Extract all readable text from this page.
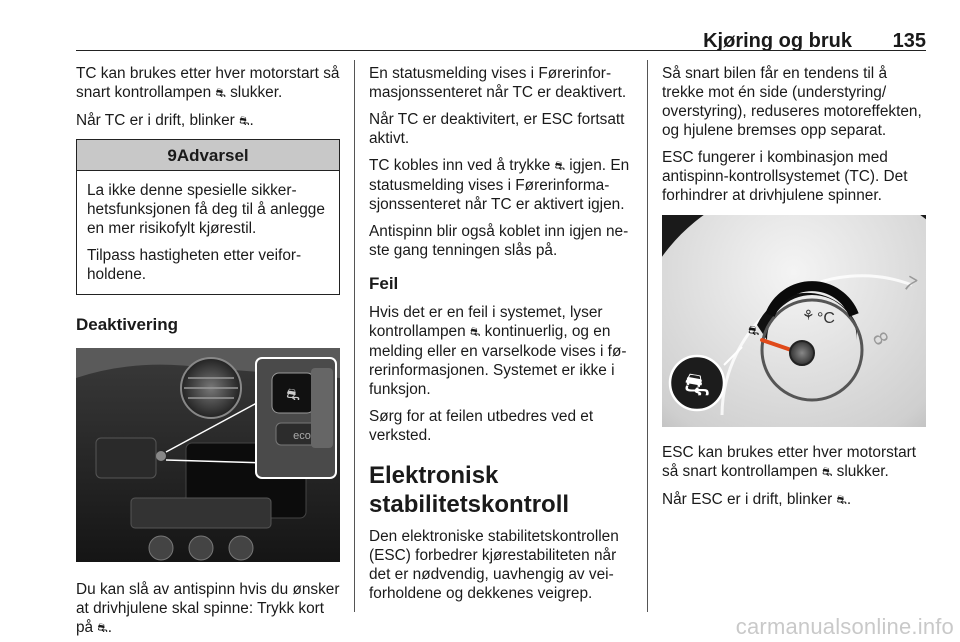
Kjøring og bruk 135

TC kan brukes etter hver motorstart så snart kontrollampen ⛐ slukker.

Når TC er i drift, blinker ⛐.

9Advarsel

La ikke denne spesielle sikkerhetsfunksjonen få deg til å anlegge en mer risikofylt kjørestil.

Tilpass hastigheten etter veiforholdene.

Deaktivering
⛐
eco

Du kan slå av antispinn hvis du ønsker at drivhjulene skal spinne: Trykk kort på ⛐.

En statusmelding vises i Førerinformasjonssenteret når TC er deaktivert.

Når TC er deaktivitert, er ESC fortsatt aktivt.

TC kobles inn ved å trykke ⛐ igjen. En statusmelding vises i Førerinformasjonssenteret når TC er aktivert igjen.

Antispinn blir også koblet inn igjen neste gang tenningen slås på.

Feil

Hvis det er en feil i systemet, lyser kontrollampen ⛐ kontinuerlig, og en melding eller en varselkode vises i førerinformasjonen. Systemet er ikke i funksjon.

Sørg for at feilen utbedres ved et verksted.

Elektronisk
stabilitetskontroll

Den elektroniske stabilitetskontrollen (ESC) forbedrer kjørestabiliteten når det er nødvendig, uavhengig av veiforholdene og dekkenes veigrep.

Så snart bilen får en tendens til å trekke mot én side (understyring/ overstyring), reduseres motoreffekten, og hjulene bremses opp separat.

ESC fungerer i kombinasjon med antispinn-kontrollsystemet (TC). Det forhindrer at drivhjulene spinner.

7
8
⚘ °C
⛐
⛐

ESC kan brukes etter hver motorstart så snart kontrollampen ⛐ slukker.

Når ESC er i drift, blinker ⛐.

carmanualsonline.info
